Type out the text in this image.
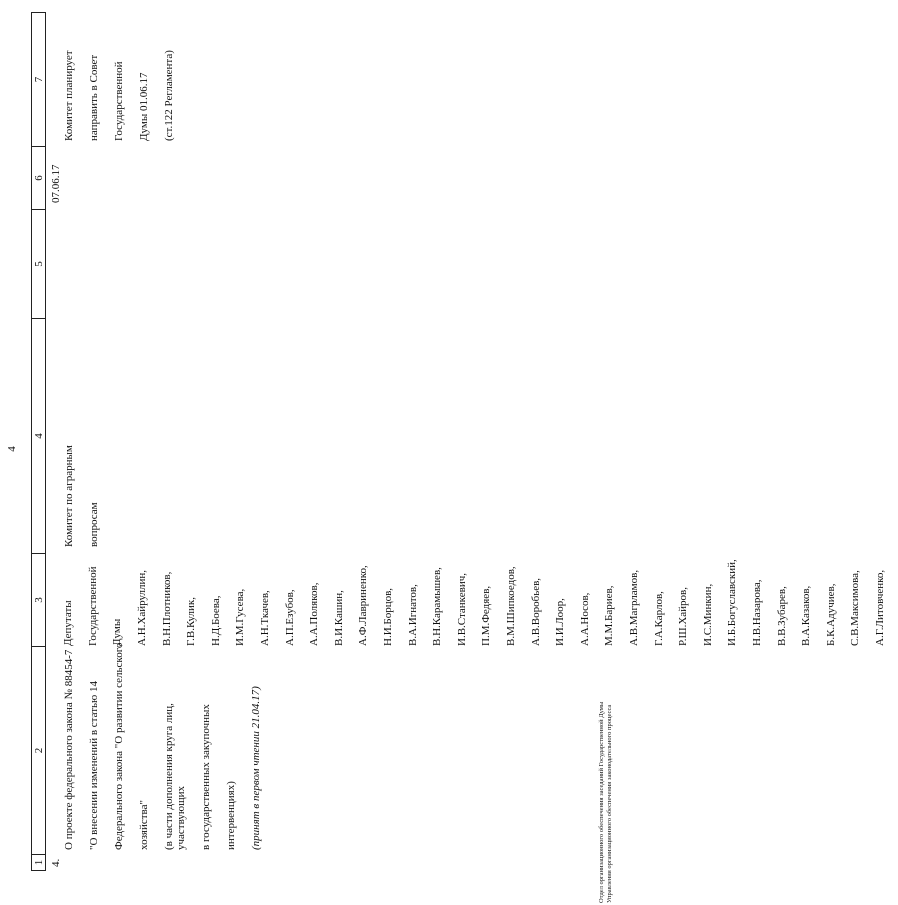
4
1
2
3
4
5
6
7
4.

О проекте федерального закона № 88454-7 "О внесении изменений в статью 14 Федерального закона "О развитии сельского хозяйства" (в части дополнения круга лиц, участвующих в государственных закупочных интервенциях) (принят в первом чтении 21.04.17)

Депутаты Государственной Думы А.Н.Хайруллин, В.Н.Плотников, Г.В.Кулик, Н.Д.Боева, И.М.Гусева, А.Н.Ткачев, А.П.Езубов, А.А.Поляков, В.И.Кашин, А.Ф.Лавриненко, Н.И.Борцов, В.А.Игнатов, В.Н.Карамышев, И.В.Станкевич, П.М.Федяев, В.М.Шипкоедов, А.В.Воробьев, И.И.Лоор, А.А.Носов, М.М.Бариев, А.В.Магрламов, Г.А.Карлов, Р.Ш.Хайров, И.С.Минкин, И.Б.Богуславский, Н.В.Назарова, В.В.Зубарев, В.А.Казаков, Б.К.Адучиев, С.В.Максимова, А.Г.Литовченко,

Комитет по аграрным вопросам

07.06.17

Комитет планирует направить в Совет Государственной Думы 01.06.17 (ст.122 Регламента)

Отдел организационного обеспечения заседаний Государственной Думы Управления организационного обеспечения законодательного процесса
